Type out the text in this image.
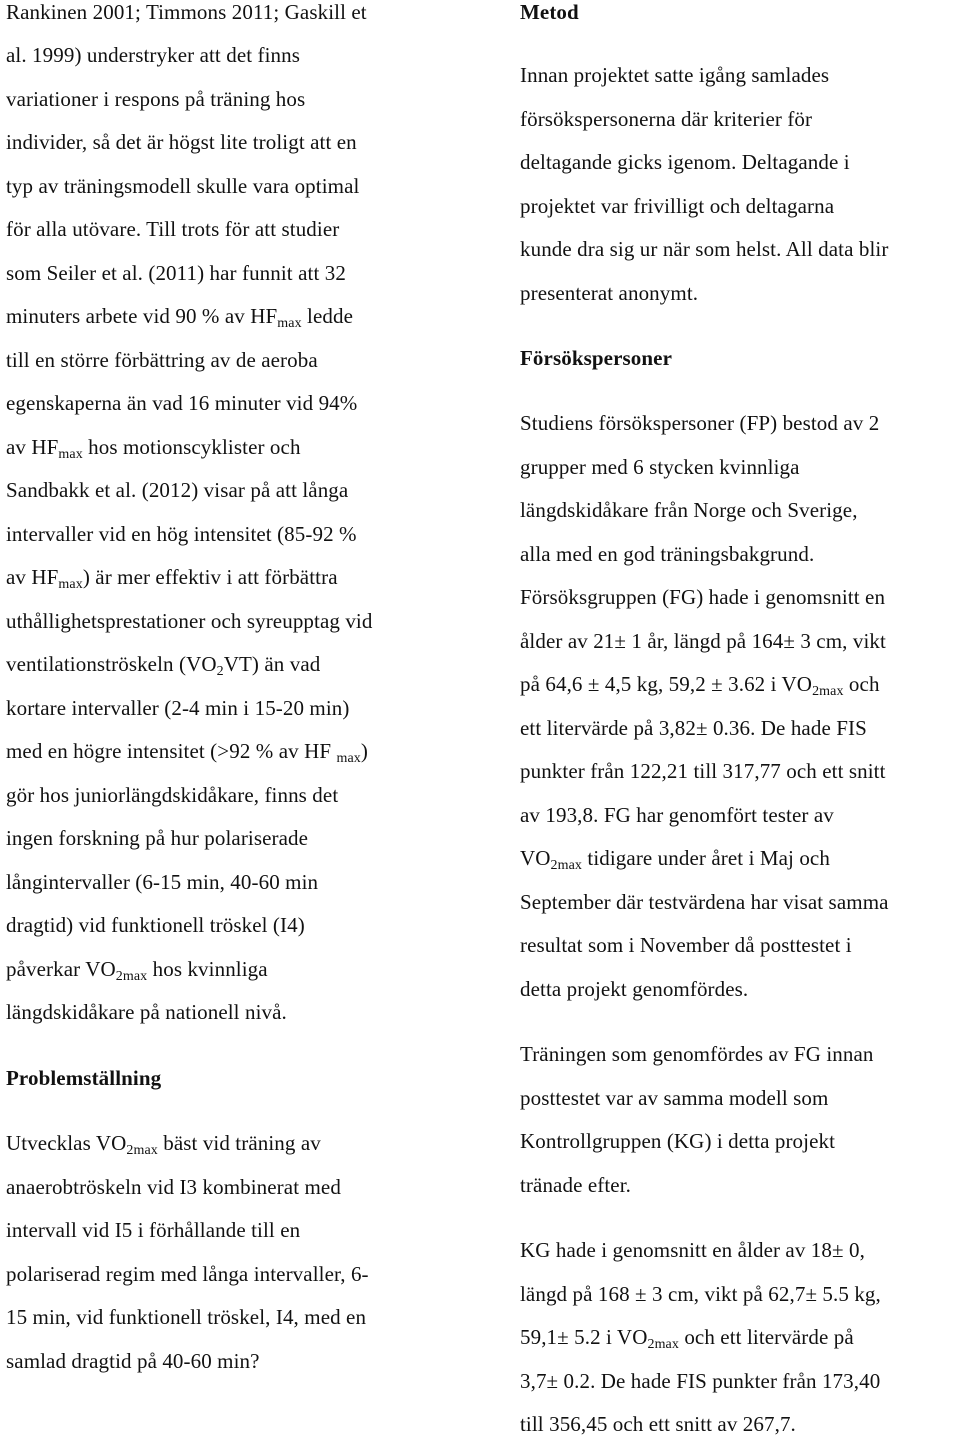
Rankinen 2001; Timmons 2011; Gaskill et
al. 1999) understryker att det finns
variationer i respons på träning hos
individer, så det är högst lite troligt att en
typ av träningsmodell skulle vara optimal
för alla utövare. Till trots för att studier
som Seiler et al. (2011) har funnit att 32
minuters arbete vid 90 % av $HF_{max}$ ledde
till en större förbättring av de aeroba
egenskaperna än vad 16 minuter vid 94%
av $HF_{max}$ hos motionscyklister och
Sandbakk et al. (2012) visar på att långa
intervaller vid en hög intensitet (85-92 %
av $HF_{max}$) är mer effektiv i att förbättra
uthållighetsprestationer och syreupptag vid
ventilationströskeln $(VO_2VT)$ än vad
kortare intervaller (2-4 min i 15-20 min)
med en högre intensitet (>92 % av HF $_{max}$)
gör hos juniorlängdskidåkare, finns det
ingen forskning på hur polariserade
långintervaller (6-15 min, 40-60 min
dragtid) vid funktionell tröskel (I4)
påverkar $VO_{2max}$ hos kvinnliga
längdskidåkare på nationell nivå.
Problemställning
Utvecklas $VO_{2max}$ bäst vid träning av
anaerobtröskeln vid I3 kombinerat med
intervall vid I5 i förhållande till en
polariserad regim med långa intervaller, 6-
15 min, vid funktionell tröskel, I4, med en
samlad dragtid på 40-60 min?
Metod
Innan projektet satte igång samlades
försökspersonerna där kriterier för
deltagande gicks igenom. Deltagande i
projektet var frivilligt och deltagarna
kunde dra sig ur när som helst. All data blir
presenterat anonymt.
Försökspersoner
Studiens försökspersoner (FP) bestod av 2
grupper med 6 stycken kvinnliga
längdskidåkare från Norge och Sverige,
alla med en god träningsbakgrund.
Försöksgruppen (FG) hade i genomsnitt en
ålder av 21± 1 år, längd på 164± 3 cm, vikt
på 64,6 ± 4,5 kg, 59,2 ± 3.62 i $VO_{2max}$ och
ett litervärde på 3,82± 0.36. De hade FIS
punkter från 122,21 till 317,77 och ett snitt
av 193,8. FG har genomfört tester av
$VO_{2max}$ tidigare under året i Maj och
September där testvärdena har visat samma
resultat som i November då posttestet i
detta projekt genomfördes.
Träningen som genomfördes av FG innan
posttestet var av samma modell som
Kontrollgruppen (KG) i detta projekt
tränade efter.
KG hade i genomsnitt en ålder av 18± 0,
längd på 168 ± 3 cm, vikt på 62,7± 5.5 kg,
59,1± 5.2 i $VO_{2max}$ och ett litervärde på
3,7± 0.2. De hade FIS punkter från 173,40
till 356,45 och ett snitt av 267,7.
